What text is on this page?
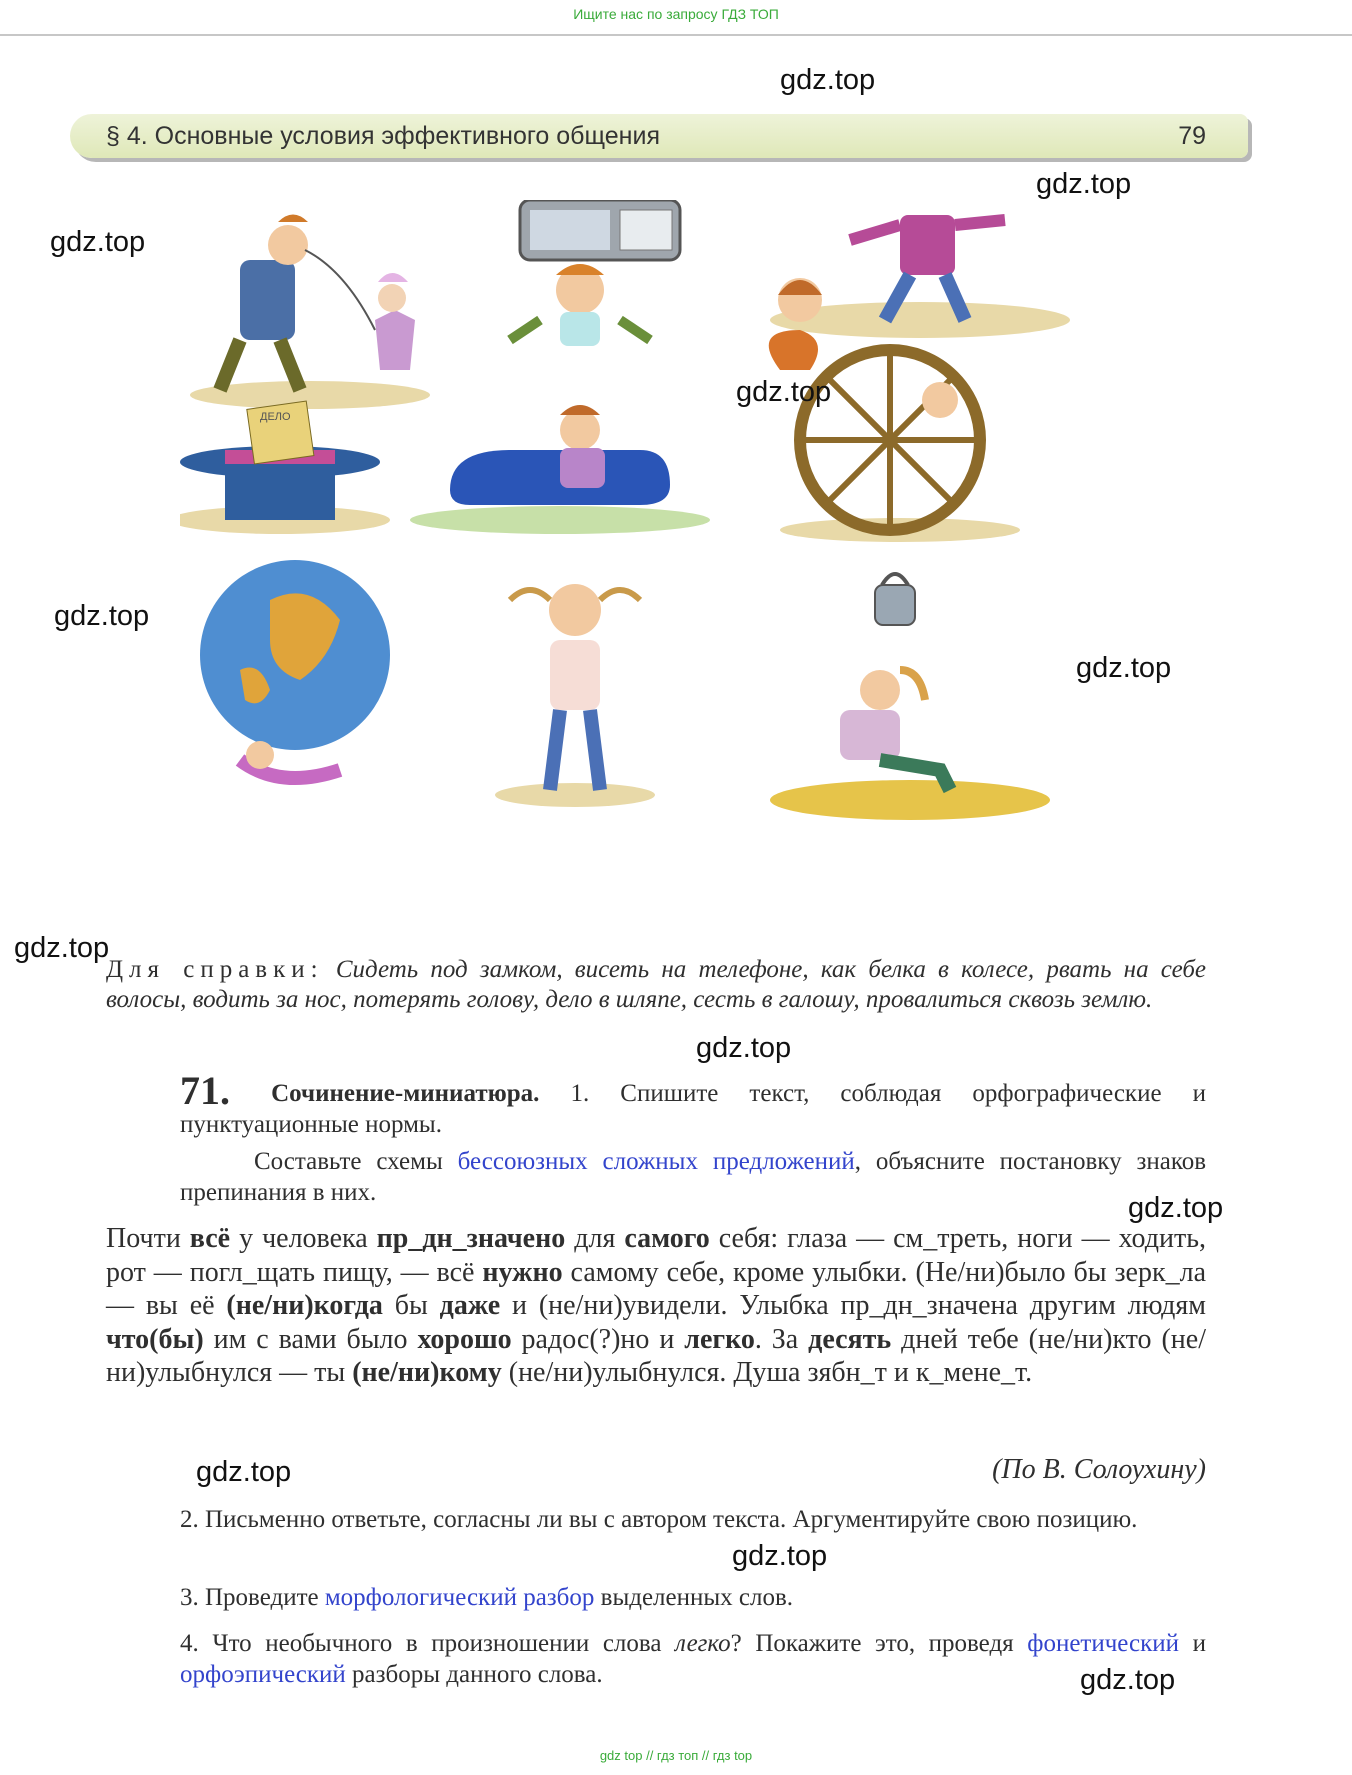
Ищите нас по запросу ГДЗ ТОП
§ 4. Основные условия эффективного общения	79
ДЕЛО
Для справки: Сидеть под замком, висеть на телефоне, как белка в колесе, рвать на себе волосы, водить за нос, потерять голову, дело в шляпе, сесть в галошу, провалиться сквозь землю.
71. Сочинение-миниатюра. 1. Спишите текст, соблюдая орфографические и пунктуационные нормы.
Составьте схемы бессоюзных сложных предложений, объясните постановку знаков препинания в них.
Почти всё у человека пр_дн_значено для самого себя: глаза — см_треть, ноги — ходить, рот — погл_щать пищу, — всё нужно самому себе, кроме улыбки. (Не/ни)было бы зерк_ла — вы её (не/ни)когда бы даже и (не/ни)увидели. Улыбка пр_дн_значена другим людям что(бы) им с вами было хорошо радос(?)но и легко. За десять дней тебе (не/ни)кто (не/ни)улыбнулся — ты (не/ни)кому (не/ни)улыбнулся. Душа зябн_т и к_мене_т.
(По В. Солоухину)
2. Письменно ответьте, согласны ли вы с автором текста. Аргументируйте свою позицию.
3. Проведите морфологический разбор выделенных слов.
4. Что необычного в произношении слова легко? Покажите это, проведя фонетический и орфоэпический разборы данного слова.
gdz.top
gdz.top
gdz.top
gdz.top
gdz.top
gdz.top
gdz.top
gdz.top
gdz.top
gdz.top
gdz.top
gdz.top
gdz top // гдз топ // гдз top
